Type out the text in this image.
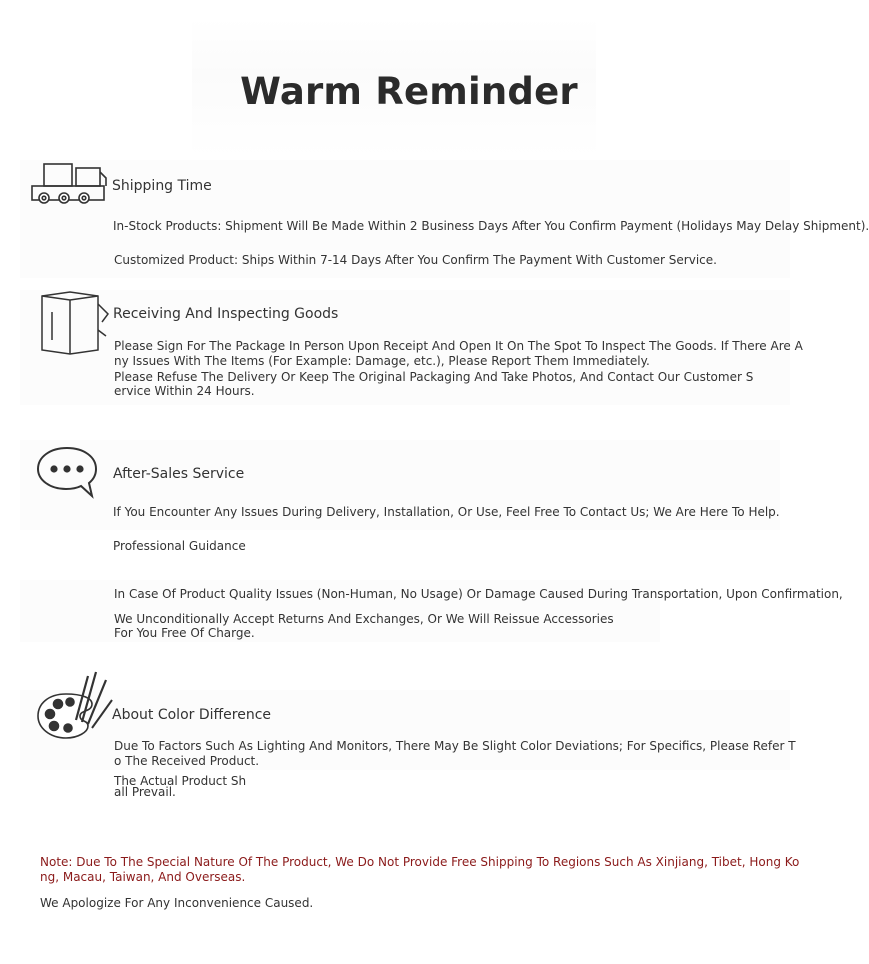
Warm Reminder
Shipping Time
In-Stock Products: Shipment Will Be Made Within 2 Business Days After You Confirm Payment (Holidays May Delay Shipment).
Customized Product: Ships Within 7-14 Days After You Confirm The Payment With Customer Service.
Receiving And Inspecting Goods
Please Sign For The Package In Person Upon Receipt And Open It On The Spot To Inspect The Goods. If There Are A
ny Issues With The Items (For Example: Damage, etc.), Please Report Them Immediately.
Please Refuse The Delivery Or Keep The Original Packaging And Take Photos, And Contact Our Customer S
ervice Within 24 Hours.
After-Sales Service
If You Encounter Any Issues During Delivery, Installation, Or Use, Feel Free To Contact Us; We Are Here To Help.
Professional Guidance
In Case Of Product Quality Issues (Non-Human, No Usage) Or Damage Caused During Transportation, Upon Confirmation,
We Unconditionally Accept Returns And Exchanges, Or We Will Reissue Accessories
For You Free Of Charge.
About Color Difference
Due To Factors Such As Lighting And Monitors, There May Be Slight Color Deviations; For Specifics, Please Refer T
o The Received Product.
The Actual Product Sh
all Prevail.
Note: Due To The Special Nature Of The Product, We Do Not Provide Free Shipping To Regions Such As Xinjiang, Tibet, Hong Ko
ng, Macau, Taiwan, And Overseas.
We Apologize For Any Inconvenience Caused.
